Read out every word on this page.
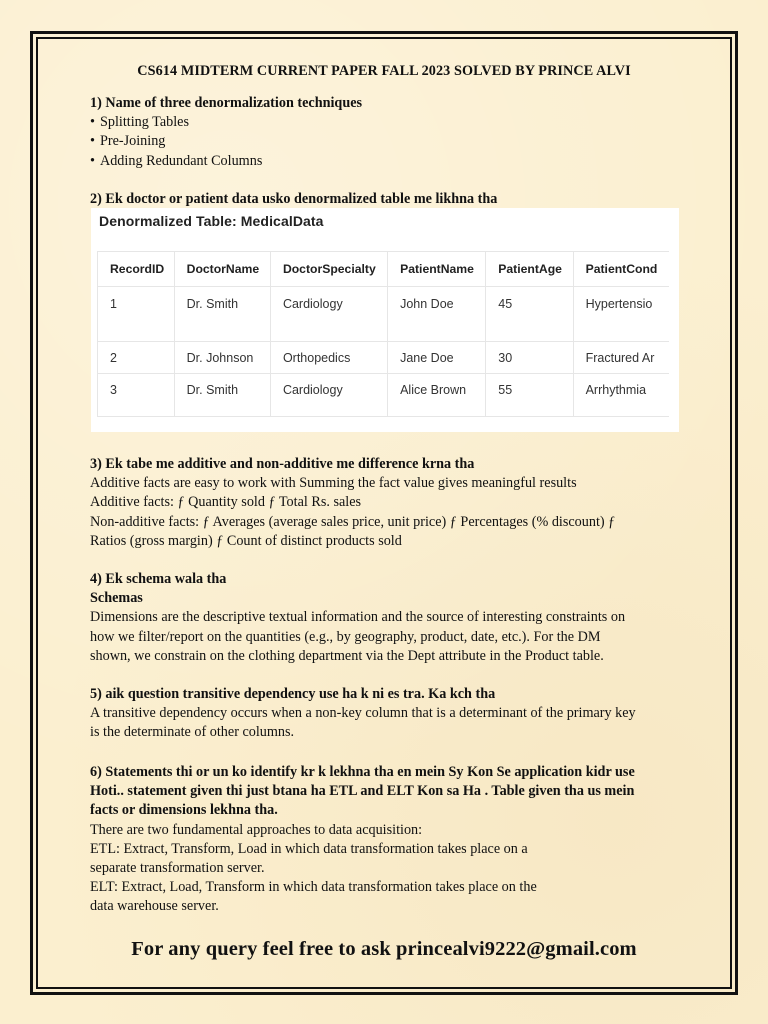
CS614 MIDTERM CURRENT PAPER FALL 2023 SOLVED BY PRINCE ALVI
1) Name of three denormalization techniques
• Splitting Tables
• Pre-Joining
• Adding Redundant Columns
2) Ek doctor or patient data usko denormalized table me likhna tha
Denormalized Table: MedicalData
RecordID	DoctorName	DoctorSpecialty	PatientName	PatientAge	PatientCond
1	Dr. Smith	Cardiology	John Doe	45	Hypertensio
2	Dr. Johnson	Orthopedics	Jane Doe	30	Fractured Ar
3	Dr. Smith	Cardiology	Alice Brown	55	Arrhythmia
3) Ek tabe me additive and non-additive me difference krna tha
Additive facts are easy to work with Summing the fact value gives meaningful results
Additive facts: ƒ Quantity sold ƒ Total Rs. sales
Non-additive facts: ƒ Averages (average sales price, unit price) ƒ Percentages (% discount) ƒ
Ratios (gross margin) ƒ Count of distinct products sold
4) Ek schema wala tha
Schemas
Dimensions are the descriptive textual information and the source of interesting constraints on
how we filter/report on the quantities (e.g., by geography, product, date, etc.). For the DM
shown, we constrain on the clothing department via the Dept attribute in the Product table.
5) aik question transitive dependency use ha k ni es tra. Ka kch tha
A transitive dependency occurs when a non-key column that is a determinant of the primary key
is the determinate of other columns.
6) Statements thi or un ko identify kr k lekhna tha en mein Sy Kon Se application kidr use
Hoti.. statement given thi just btana ha ETL and ELT Kon sa Ha . Table given tha us mein
facts or dimensions lekhna tha.
There are two fundamental approaches to data acquisition:
ETL: Extract, Transform, Load in which data transformation takes place on a
separate transformation server.
ELT: Extract, Load, Transform in which data transformation takes place on the
data warehouse server.
For any query feel free to ask princealvi9222@gmail.com
